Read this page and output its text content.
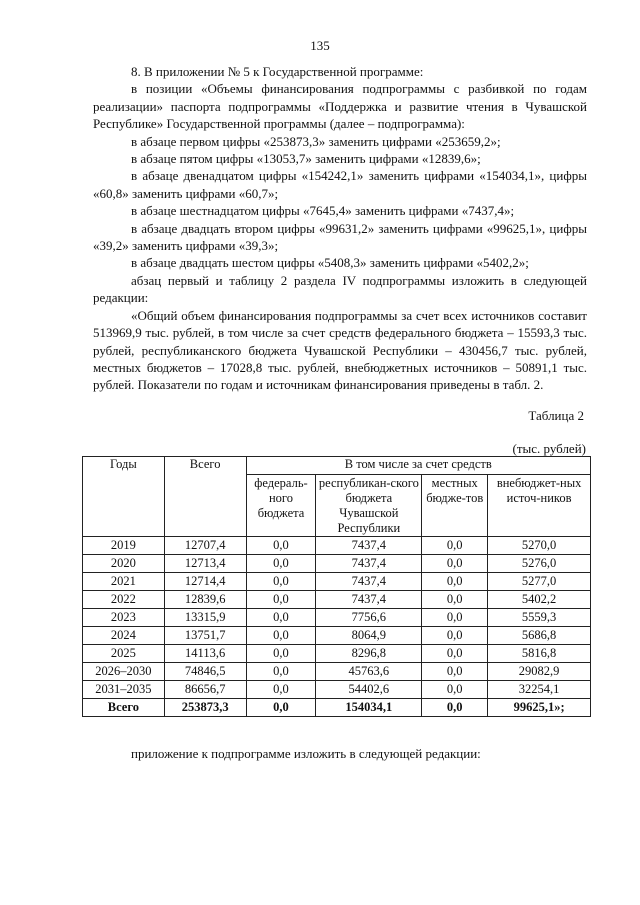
135

8. В приложении № 5 к Государственной программе:

в позиции «Объемы финансирования подпрограммы с разбивкой по годам реализации» паспорта подпрограммы «Поддержка и развитие чтения в Чувашской Республике» Государственной программы (далее – подпрограмма):

в абзаце первом цифры «253873,3» заменить цифрами «253659,2»;

в абзаце пятом цифры «13053,7» заменить цифрами «12839,6»;

в абзаце двенадцатом цифры «154242,1» заменить цифрами «154034,1», цифры «60,8» заменить цифрами «60,7»;

в абзаце шестнадцатом цифры «7645,4» заменить цифрами «7437,4»;

в абзаце двадцать втором цифры «99631,2» заменить цифрами «99625,1», цифры «39,2» заменить цифрами «39,3»;

в абзаце двадцать шестом цифры «5408,3» заменить цифрами «5402,2»;

абзац первый и таблицу 2 раздела IV подпрограммы изложить в следующей редакции:

«Общий объем финансирования подпрограммы за счет всех источников составит 513969,9 тыс. рублей, в том числе за счет средств федерального бюджета – 15593,3 тыс. рублей, республиканского бюджета Чувашской Республики – 430456,7 тыс. рублей, местных бюджетов – 17028,8 тыс. рублей, внебюджетных источников – 50891,1 тыс. рублей. Показатели по годам и источникам финансирования приведены в табл. 2.

Таблица 2
(тыс. рублей)
Годы	Всего	В том числе за счет средств			
		федераль-ного бюджета	республикан-ского бюджета Чувашской Республики	местных бюдже-тов	внебюджет-ных источ-ников
2019	12707,4	0,0	7437,4	0,0	5270,0
2020	12713,4	0,0	7437,4	0,0	5276,0
2021	12714,4	0,0	7437,4	0,0	5277,0
2022	12839,6	0,0	7437,4	0,0	5402,2
2023	13315,9	0,0	7756,6	0,0	5559,3
2024	13751,7	0,0	8064,9	0,0	5686,8
2025	14113,6	0,0	8296,8	0,0	5816,8
2026–2030	74846,5	0,0	45763,6	0,0	29082,9
2031–2035	86656,7	0,0	54402,6	0,0	32254,1
Всего	253873,3	0,0	154034,1	0,0	99625,1»;
приложение к подпрограмме изложить в следующей редакции:
